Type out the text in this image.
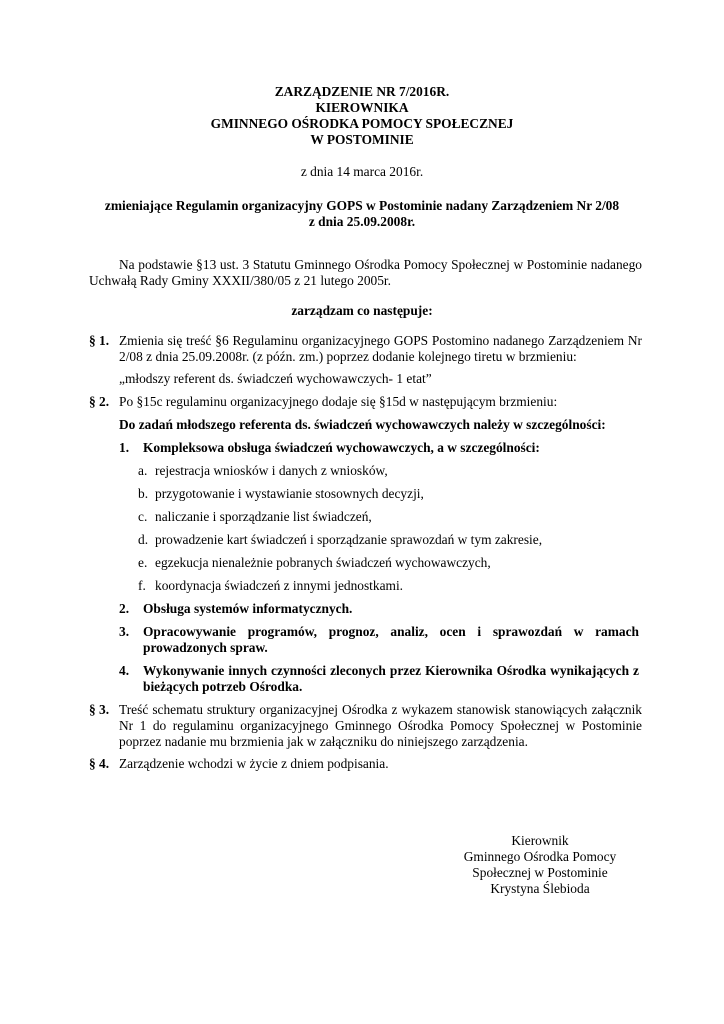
ZARZĄDZENIE NR 7/2016R.
KIEROWNIKA
GMINNEGO OŚRODKA POMOCY SPOŁECZNEJ
W POSTOMINIE
z dnia 14 marca 2016r.
zmieniające Regulamin organizacyjny GOPS w Postominie nadany Zarządzeniem Nr 2/08
z dnia 25.09.2008r.
Na podstawie §13 ust. 3 Statutu Gminnego Ośrodka Pomocy Społecznej w Postominie nadanego Uchwałą Rady Gminy XXXII/380/05 z 21 lutego 2005r.
zarządzam co następuje:
§ 1. Zmienia się treść §6 Regulaminu organizacyjnego GOPS Postomino nadanego Zarządzeniem Nr 2/08 z dnia 25.09.2008r. (z późn. zm.) poprzez dodanie kolejnego tiretu w brzmieniu:
„młodszy referent ds. świadczeń wychowawczych- 1 etat”
§ 2. Po §15c regulaminu organizacyjnego dodaje się §15d w następującym brzmieniu:
Do zadań młodszego referenta ds. świadczeń wychowawczych należy w szczególności:
1. Kompleksowa obsługa świadczeń wychowawczych, a w szczególności:
a. rejestracja wniosków i danych z wniosków,
b. przygotowanie i wystawianie stosownych decyzji,
c. naliczanie i sporządzanie list świadczeń,
d. prowadzenie kart świadczeń i sporządzanie sprawozdań w tym zakresie,
e. egzekucja nienależnie pobranych świadczeń wychowawczych,
f. koordynacja świadczeń z innymi jednostkami.
2. Obsługa systemów informatycznych.
3. Opracowywanie programów, prognoz, analiz, ocen i sprawozdań w ramach prowadzonych spraw.
4. Wykonywanie innych czynności zleconych przez Kierownika Ośrodka wynikających z bieżących potrzeb Ośrodka.
§ 3. Treść schematu struktury organizacyjnej Ośrodka z wykazem stanowisk stanowiących załącznik Nr 1 do regulaminu organizacyjnego Gminnego Ośrodka Pomocy Społecznej w Postominie poprzez nadanie mu brzmienia jak w załączniku do niniejszego zarządzenia.
§ 4. Zarządzenie wchodzi w życie z dniem podpisania.
Kierownik
Gminnego Ośrodka Pomocy
Społecznej w Postominie
Krystyna Ślebioda
